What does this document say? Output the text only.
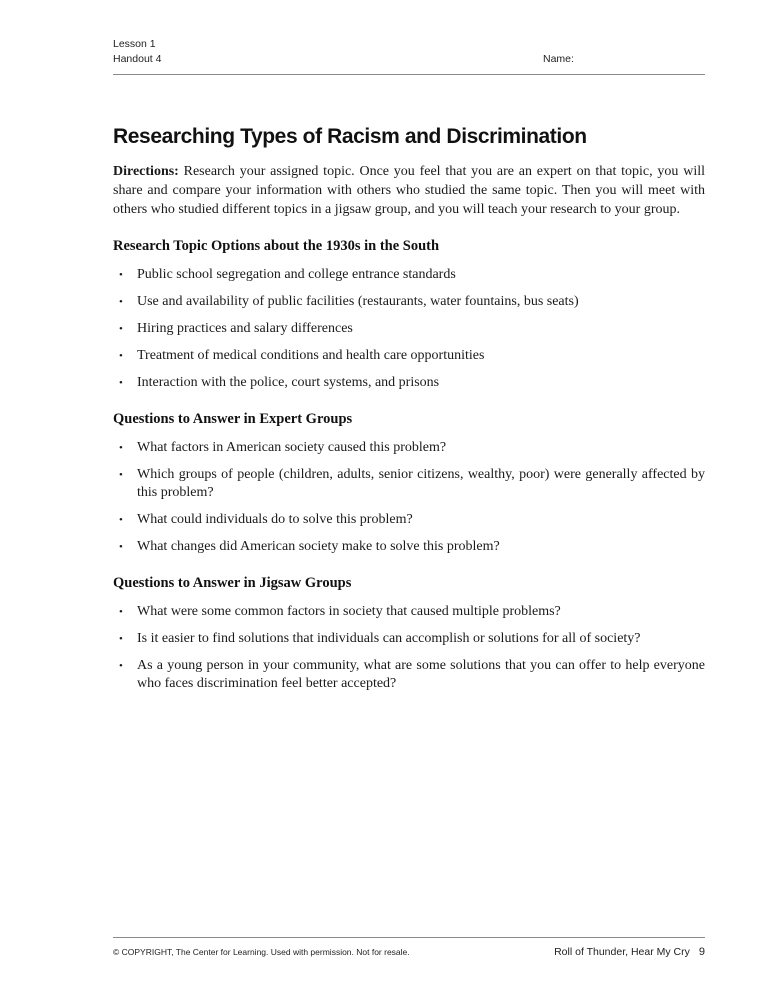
Lesson 1
Handout 4	Name:
Researching Types of Racism and Discrimination

Directions: Research your assigned topic. Once you feel that you are an expert on that topic, you will share and compare your information with others who studied the same topic. Then you will meet with others who studied different topics in a jigsaw group, and you will teach your research to your group.

Research Topic Options about the 1930s in the South
•	Public school segregation and college entrance standards
•	Use and availability of public facilities (restaurants, water fountains, bus seats)
•	Hiring practices and salary differences
•	Treatment of medical conditions and health care opportunities
•	Interaction with the police, court systems, and prisons
Questions to Answer in Expert Groups
•	What factors in American society caused this problem?
•	Which groups of people (children, adults, senior citizens, wealthy, poor) were generally affected by this problem?
•	What could individuals do to solve this problem?
•	What changes did American society make to solve this problem?
Questions to Answer in Jigsaw Groups
•	What were some common factors in society that caused multiple problems?
•	Is it easier to find solutions that individuals can accomplish or solutions for all of society?
•	As a young person in your community, what are some solutions that you can offer to help everyone who faces discrimination feel better accepted?
© COPYRIGHT, The Center for Learning. Used with permission. Not for resale.	Roll of Thunder, Hear My Cry 9
